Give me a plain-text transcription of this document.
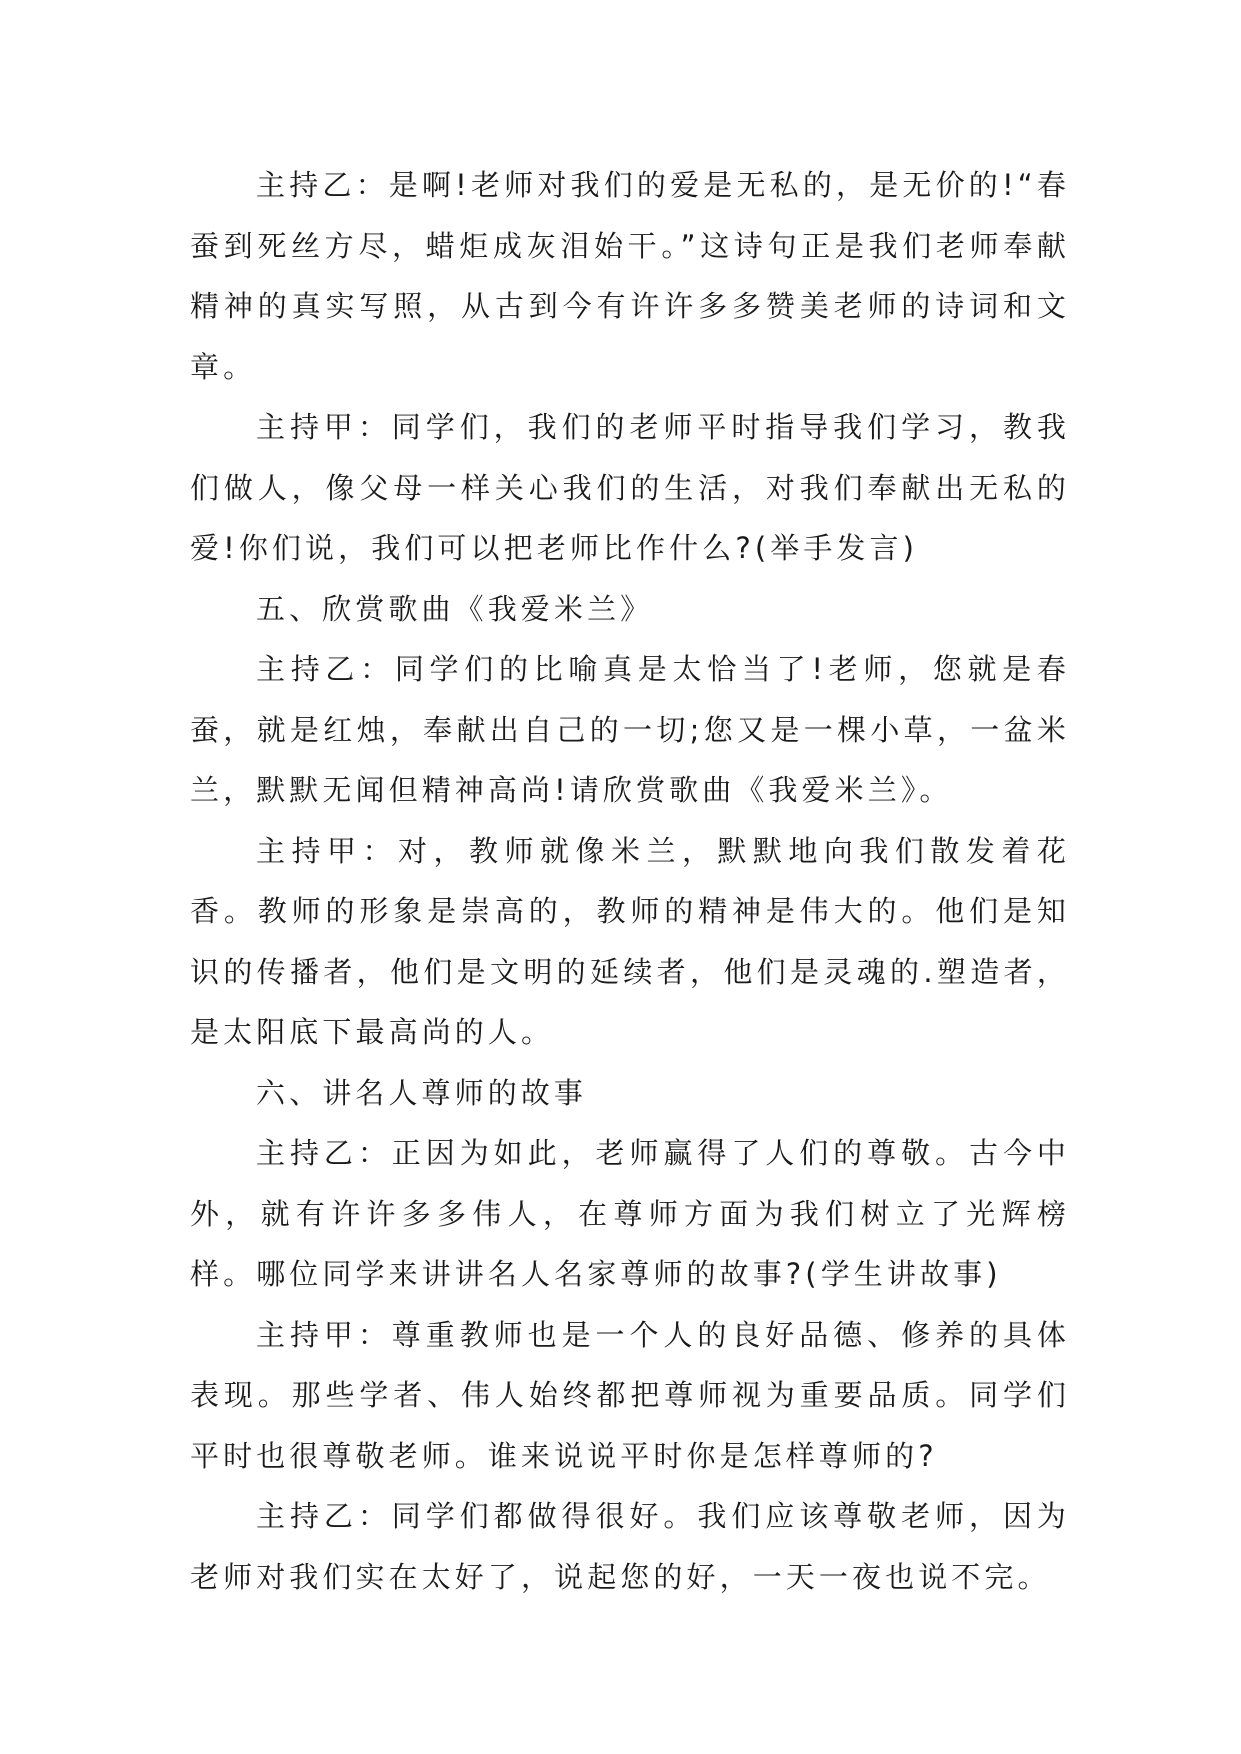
主持乙：是啊!老师对我们的爱是无私的，是无价的!“春蚕到死丝方尽，蜡炬成灰泪始干。”这诗句正是我们老师奉献精神的真实写照，从古到今有许许多多赞美老师的诗词和文章。

主持甲：同学们，我们的老师平时指导我们学习，教我们做人，像父母一样关心我们的生活，对我们奉献出无私的爱!你们说，我们可以把老师比作什么?(举手发言)

五、欣赏歌曲《我爱米兰》

主持乙：同学们的比喻真是太恰当了!老师，您就是春蚕，就是红烛，奉献出自己的一切;您又是一棵小草，一盆米兰，默默无闻但精神高尚!请欣赏歌曲《我爱米兰》。

主持甲：对，教师就像米兰，默默地向我们散发着花香。教师的形象是崇高的，教师的精神是伟大的。他们是知识的传播者，他们是文明的延续者，他们是灵魂的.塑造者，是太阳底下最高尚的人。

六、讲名人尊师的故事

主持乙：正因为如此，老师赢得了人们的尊敬。古今中外，就有许许多多伟人，在尊师方面为我们树立了光辉榜样。哪位同学来讲讲名人名家尊师的故事?(学生讲故事)

主持甲：尊重教师也是一个人的良好品德、修养的具体表现。那些学者、伟人始终都把尊师视为重要品质。同学们平时也很尊敬老师。谁来说说平时你是怎样尊师的?

主持乙：同学们都做得很好。我们应该尊敬老师，因为老师对我们实在太好了，说起您的好，一天一夜也说不完。
